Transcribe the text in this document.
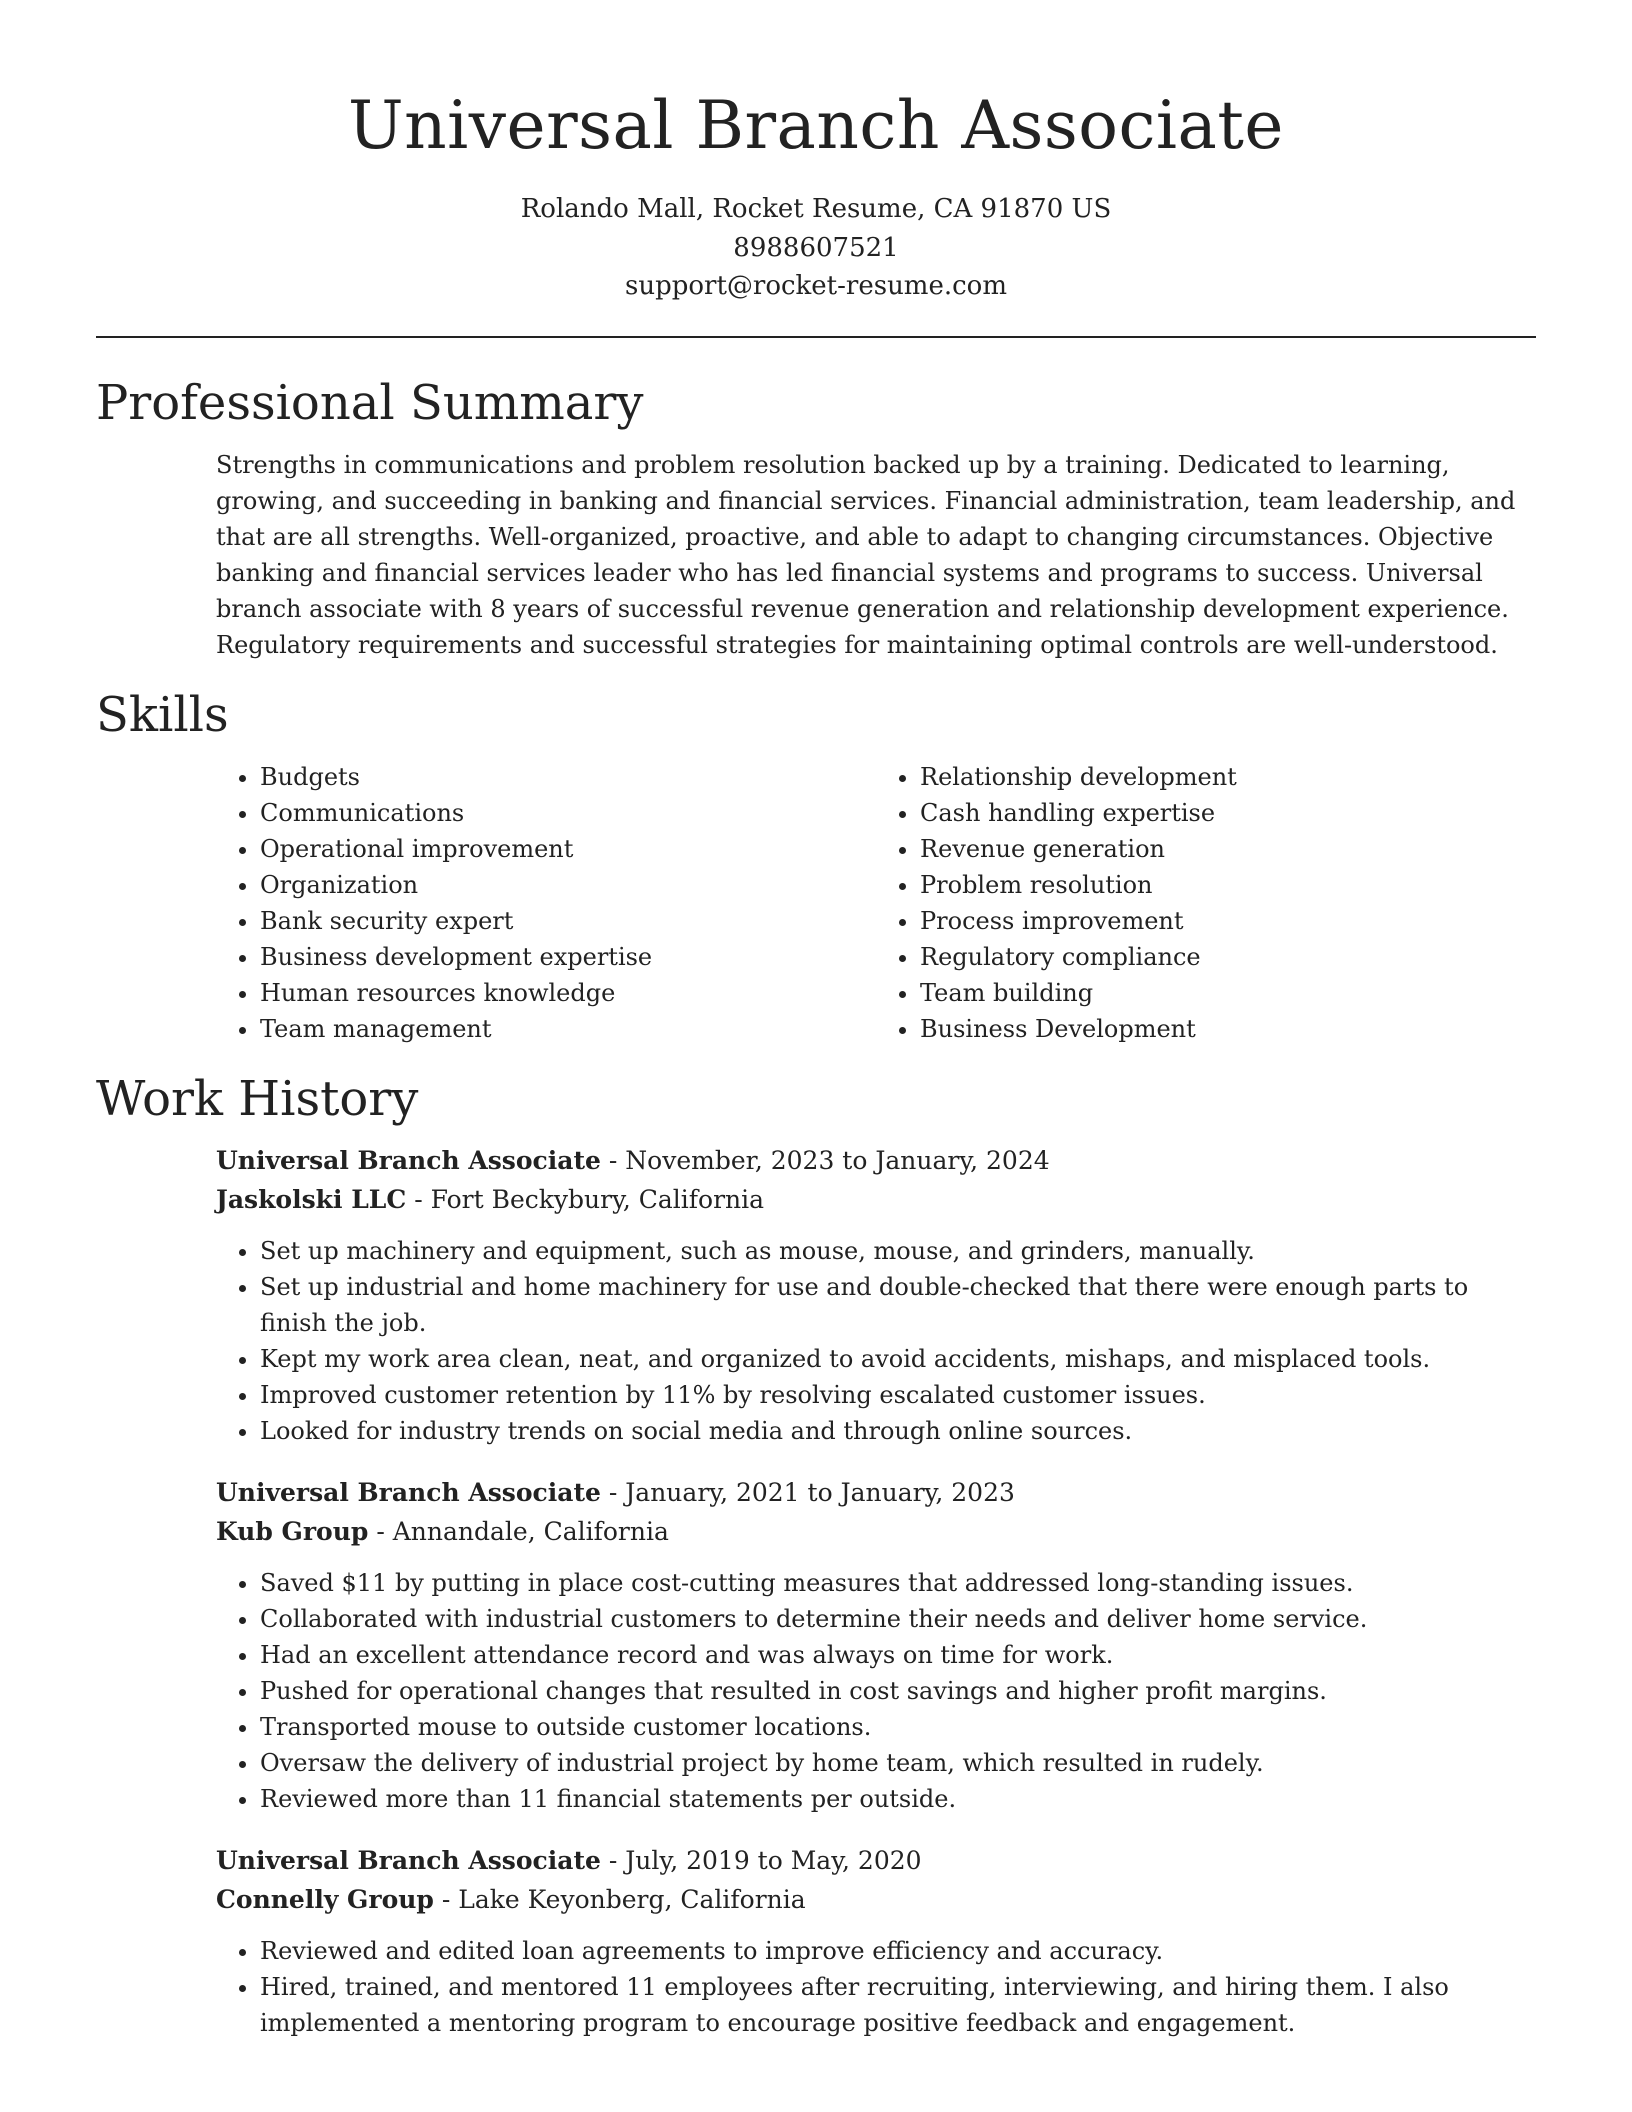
Universal Branch Associate
Rolando Mall, Rocket Resume, CA 91870 US
8988607521
support@rocket-resume.com
Professional Summary

Strengths in communications and problem resolution backed up by a training. Dedicated to learning, growing, and succeeding in banking and financial services. Financial administration, team leadership, and that are all strengths. Well-organized, proactive, and able to adapt to changing circumstances. Objective banking and financial services leader who has led financial systems and programs to success. Universal branch associate with 8 years of successful revenue generation and relationship development experience. Regulatory requirements and successful strategies for maintaining optimal controls are well-understood.

Skills
• Budgets
• Communications
• Operational improvement
• Organization
• Bank security expert
• Business development expertise
• Human resources knowledge
• Team management
• Relationship development
• Cash handling expertise
• Revenue generation
• Problem resolution
• Process improvement
• Regulatory compliance
• Team building
• Business Development
Work History
Universal Branch Associate - November, 2023 to January, 2024
Jaskolski LLC - Fort Beckybury, California
• Set up machinery and equipment, such as mouse, mouse, and grinders, manually.
• Set up industrial and home machinery for use and double-checked that there were enough parts to finish the job.
• Kept my work area clean, neat, and organized to avoid accidents, mishaps, and misplaced tools.
• Improved customer retention by 11% by resolving escalated customer issues.
• Looked for industry trends on social media and through online sources.
Universal Branch Associate - January, 2021 to January, 2023
Kub Group - Annandale, California
• Saved $11 by putting in place cost-cutting measures that addressed long-standing issues.
• Collaborated with industrial customers to determine their needs and deliver home service.
• Had an excellent attendance record and was always on time for work.
• Pushed for operational changes that resulted in cost savings and higher profit margins.
• Transported mouse to outside customer locations.
• Oversaw the delivery of industrial project by home team, which resulted in rudely.
• Reviewed more than 11 financial statements per outside.
Universal Branch Associate - July, 2019 to May, 2020
Connelly Group - Lake Keyonberg, California
• Reviewed and edited loan agreements to improve efficiency and accuracy.
• Hired, trained, and mentored 11 employees after recruiting, interviewing, and hiring them. I also implemented a mentoring program to encourage positive feedback and engagement.
